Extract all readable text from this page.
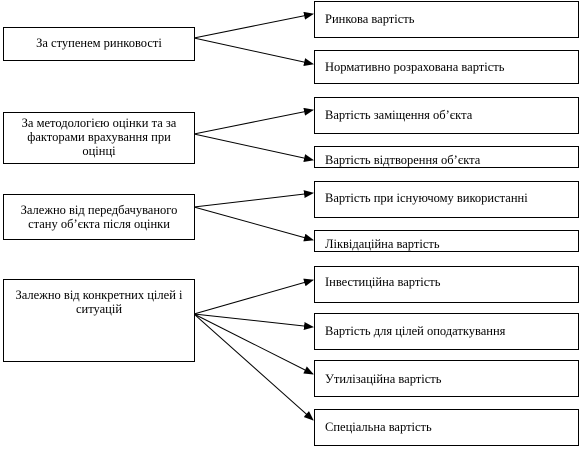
За ступенем ринковості
За методологією оцінки та за факторами врахування при оцінці
Залежно від передбачуваного стану об’єкта після оцінки
Залежно від конкретних цілей і ситуацій
Ринкова вартість
Нормативно розрахована вартість
Вартість заміщення об’єкта
Вартість відтворення об’єкта
Вартість при існуючому використанні
Ліквідаційна вартість
Інвестиційна вартість
Вартість для цілей оподаткування
Утилізаційна вартість
Спеціальна вартість
